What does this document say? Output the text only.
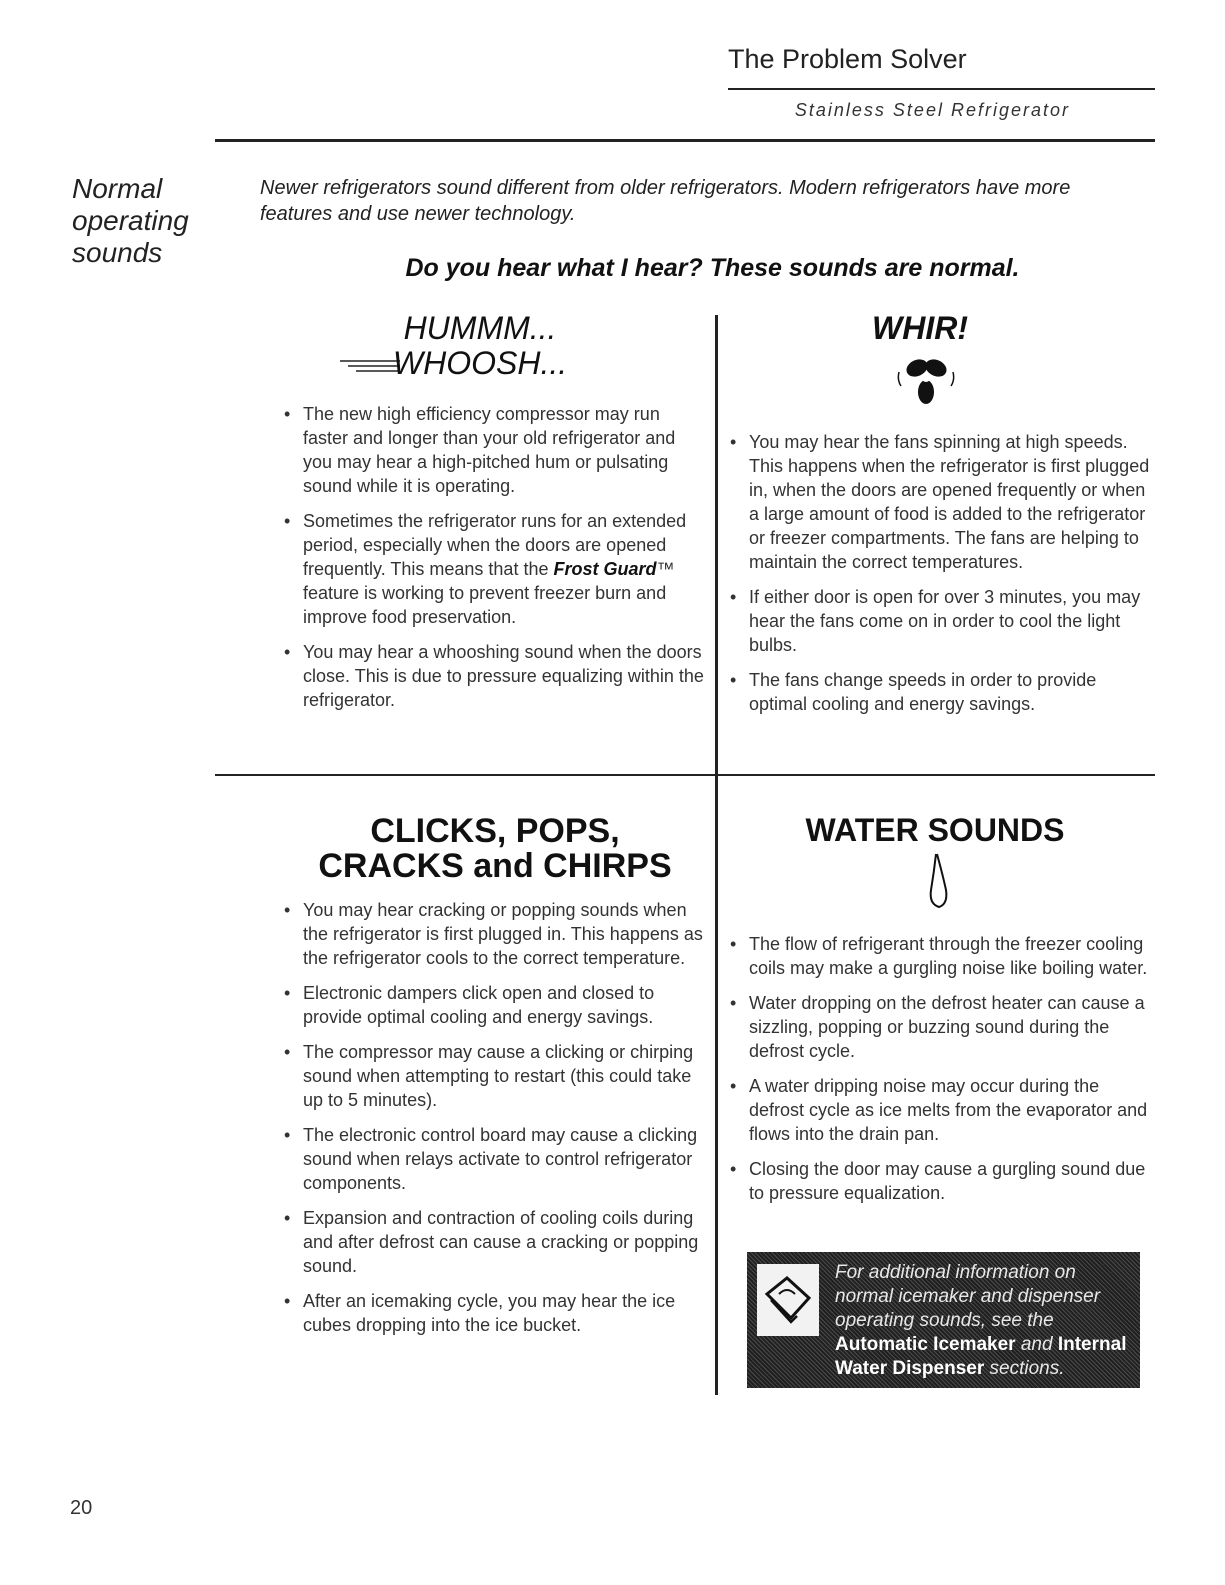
The Problem Solver
Stainless Steel Refrigerator
Normal
operating
sounds
Newer refrigerators sound different from older refrigerators. Modern refrigerators have more features and use newer technology.
Do you hear what I hear? These sounds are normal.
HUMMM...
WHOOSH...
• The new high efficiency compressor may run faster and longer than your old refrigerator and you may hear a high-pitched hum or pulsating sound while it is operating.
• Sometimes the refrigerator runs for an extended period, especially when the doors are opened frequently. This means that the Frost Guard™ feature is working to prevent freezer burn and improve food preservation.
• You may hear a whooshing sound when the doors close. This is due to pressure equalizing within the refrigerator.
WHIR!
• You may hear the fans spinning at high speeds. This happens when the refrigerator is first plugged in, when the doors are opened frequently or when a large amount of food is added to the refrigerator or freezer compartments. The fans are helping to maintain the correct temperatures.
• If either door is open for over 3 minutes, you may hear the fans come on in order to cool the light bulbs.
• The fans change speeds in order to provide optimal cooling and energy savings.
CLICKS, POPS,
CRACKS and CHIRPS
• You may hear cracking or popping sounds when the refrigerator is first plugged in. This happens as the refrigerator cools to the correct temperature.
• Electronic dampers click open and closed to provide optimal cooling and energy savings.
• The compressor may cause a clicking or chirping sound when attempting to restart (this could take up to 5 minutes).
• The electronic control board may cause a clicking sound when relays activate to control refrigerator components.
• Expansion and contraction of cooling coils during and after defrost can cause a cracking or popping sound.
• After an icemaking cycle, you may hear the ice cubes dropping into the ice bucket.
WATER SOUNDS
• The flow of refrigerant through the freezer cooling coils may make a gurgling noise like boiling water.
• Water dropping on the defrost heater can cause a sizzling, popping or buzzing sound during the defrost cycle.
• A water dripping noise may occur during the defrost cycle as ice melts from the evaporator and flows into the drain pan.
• Closing the door may cause a gurgling sound due to pressure equalization.
For additional information on normal icemaker and dispenser operating sounds, see the Automatic Icemaker and Internal Water Dispenser sections.
20
